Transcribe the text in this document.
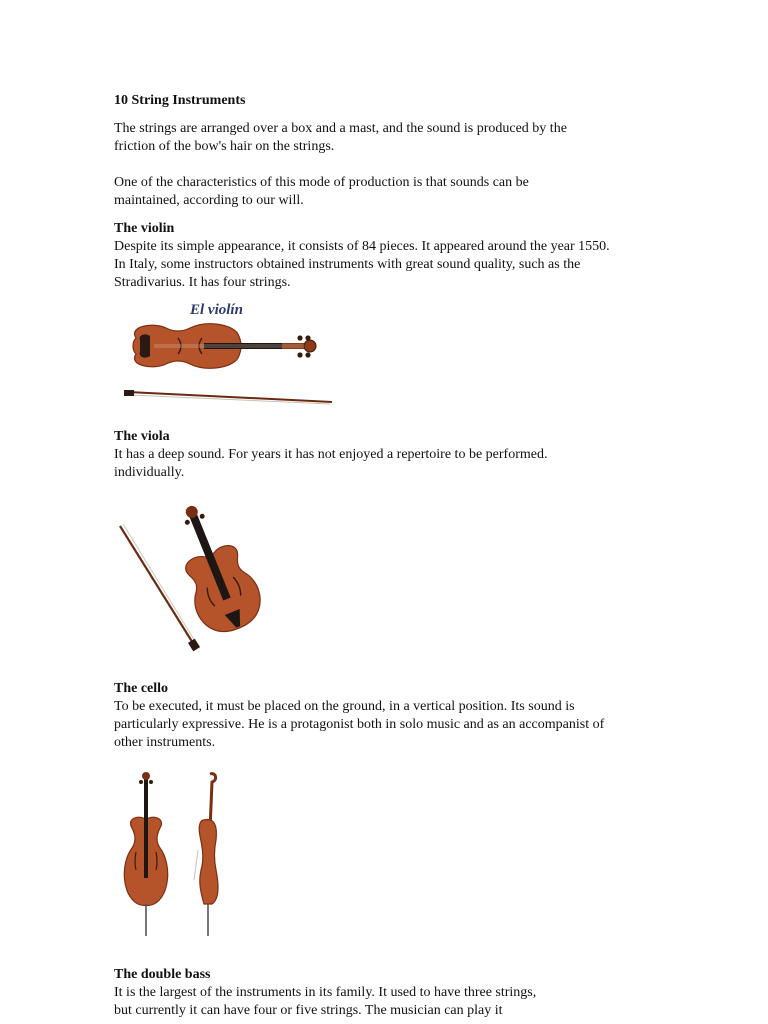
10 String Instruments

The strings are arranged over a box and a mast, and the sound is produced by the
friction of the bow's hair on the strings.

One of the characteristics of this mode of production is that sounds can be
maintained, according to our will.

The violin

Despite its simple appearance, it consists of 84 pieces. It appeared around the year 1550.
In Italy, some instructors obtained instruments with great sound quality, such as the
Stradivarius. It has four strings.

El violín
The viola

It has a deep sound. For years it has not enjoyed a repertoire to be performed.
individually.

The cello

To be executed, it must be placed on the ground, in a vertical position. Its sound is
particularly expressive. He is a protagonist both in solo music and as an accompanist of
other instruments.

The double bass

It is the largest of the instruments in its family. It used to have three strings,
but currently it can have four or five strings. The musician can play it
